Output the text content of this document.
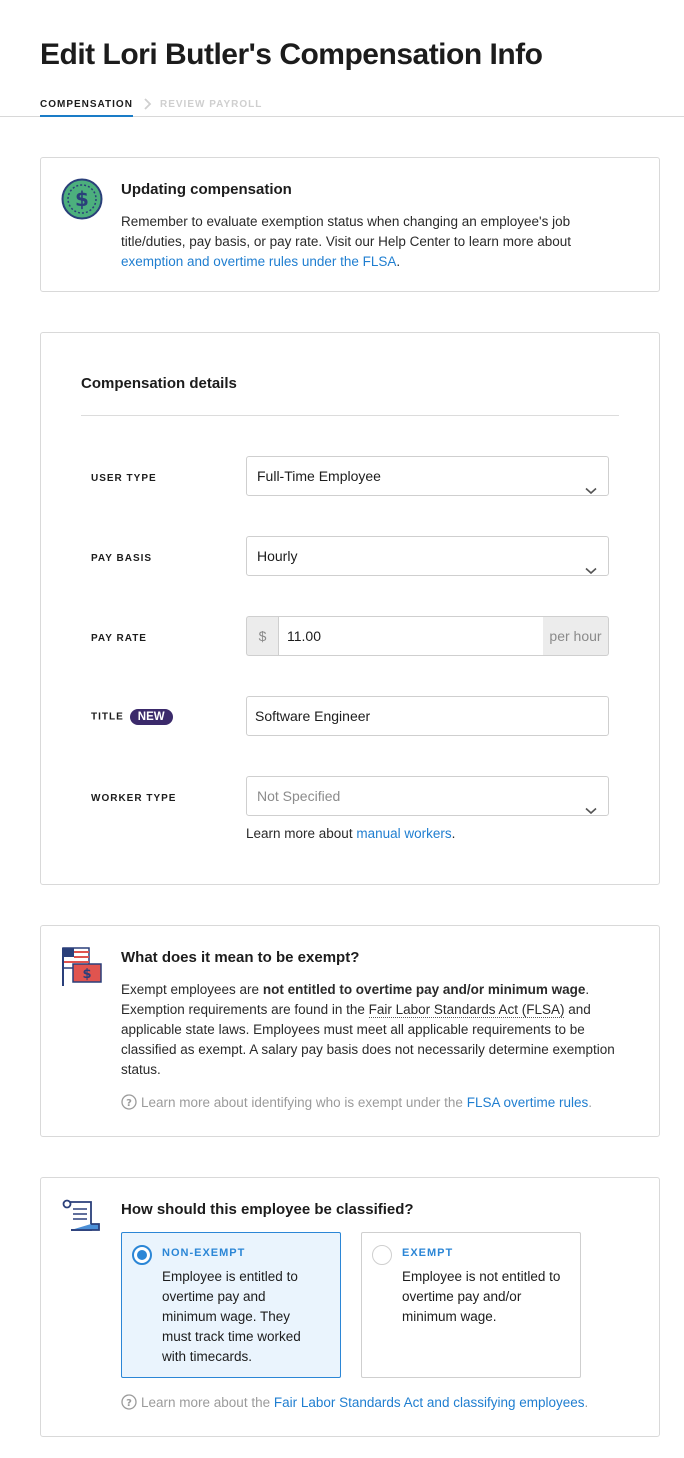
Edit Lori Butler's Compensation Info
COMPENSATION	REVIEW PAYROLL
$ Updating compensation
Remember to evaluate exemption status when changing an employee's job title/duties, pay basis, or pay rate. Visit our Help Center to learn more about exemption and overtime rules under the FLSA.
Compensation details
USER TYPE	Full-Time Employee
PAY BASIS	Hourly
PAY RATE	$	11.00	per hour
TITLE NEW	Software Engineer
WORKER TYPE	Not Specified
Learn more about manual workers.
$
What does it mean to be exempt?
Exempt employees are not entitled to overtime pay and/or minimum wage. Exemption requirements are found in the Fair Labor Standards Act (FLSA) and applicable state laws. Employees must meet all applicable requirements to be classified as exempt. A salary pay basis does not necessarily determine exemption status.
? Learn more about identifying who is exempt under the FLSA overtime rules.
How should this employee be classified?
NON-EXEMPT
Employee is entitled to overtime pay and minimum wage. They must track time worked with timecards.
EXEMPT
Employee is not entitled to overtime pay and/or minimum wage.
? Learn more about the Fair Labor Standards Act and classifying employees.
